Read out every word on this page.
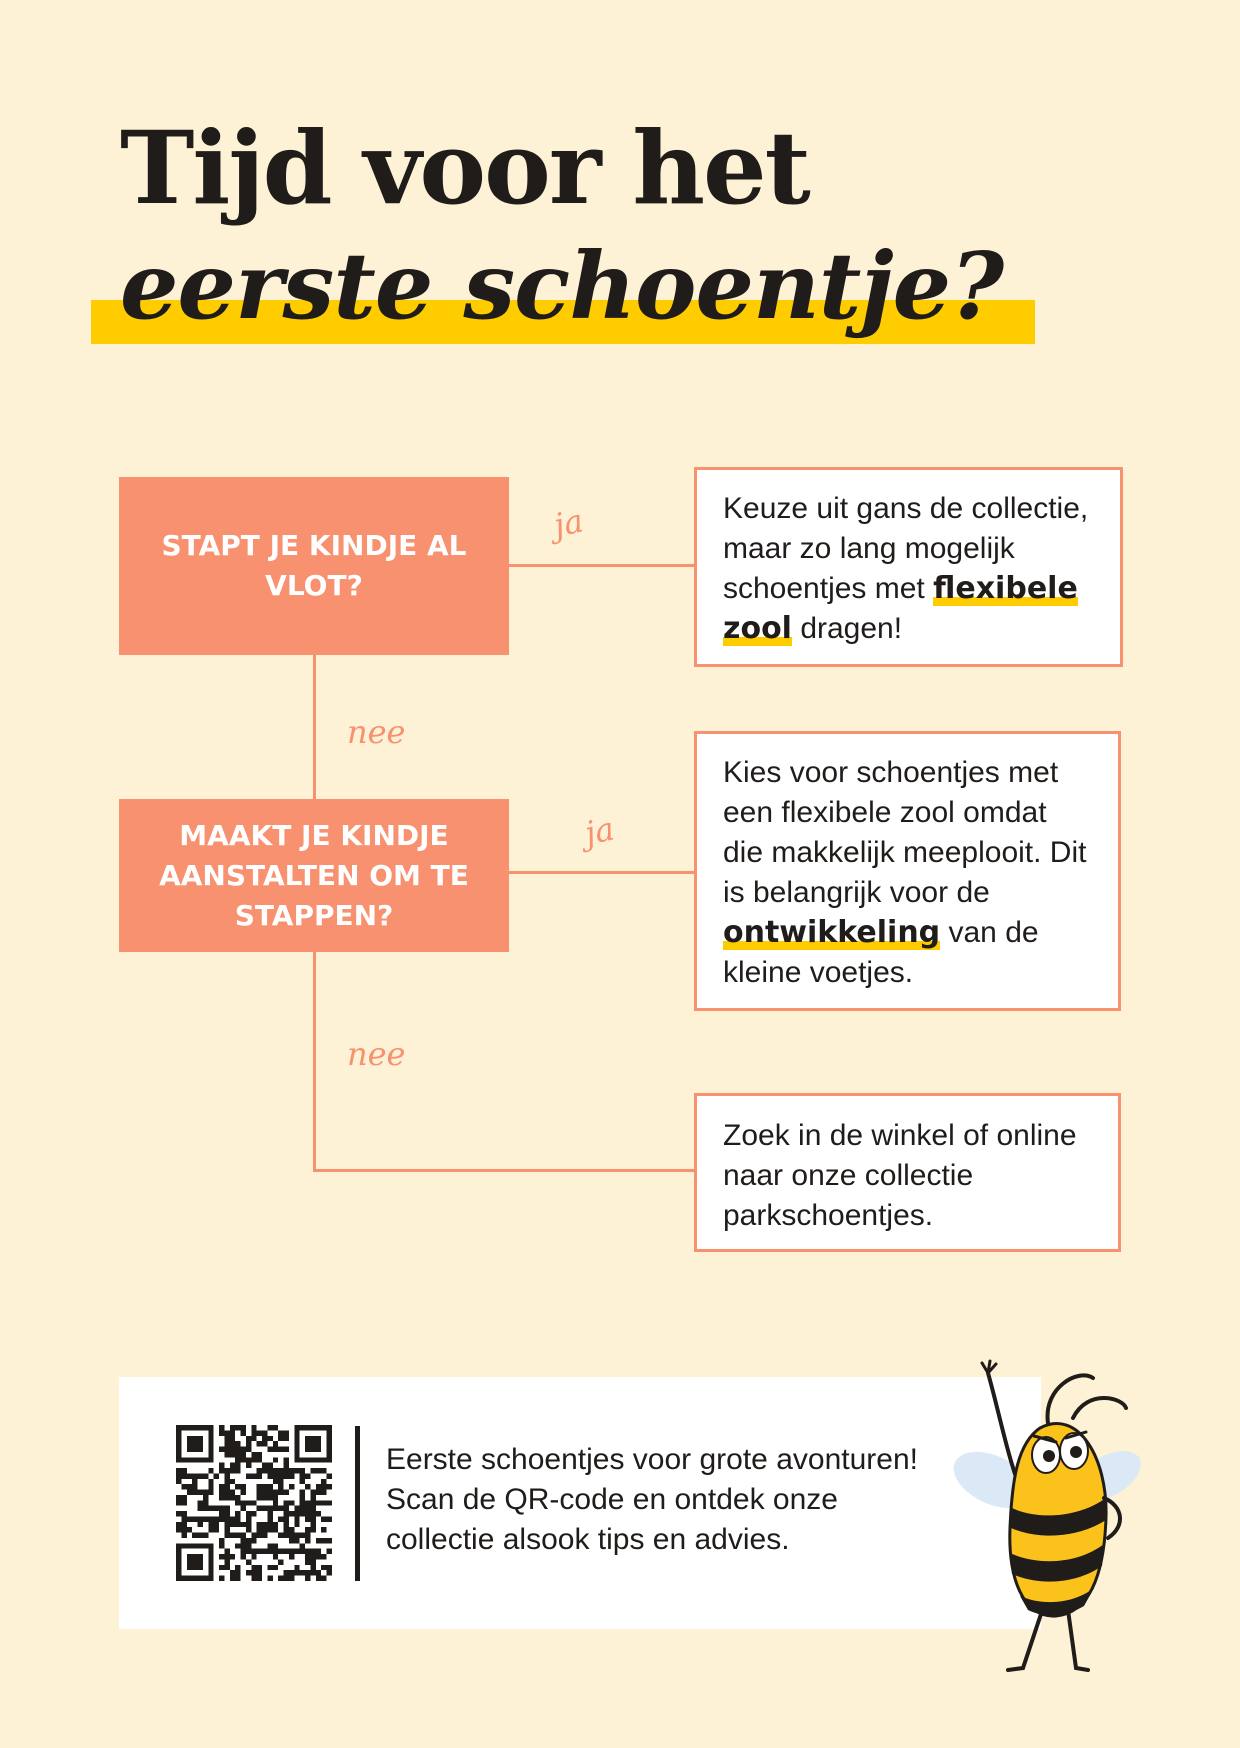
Tijd voor het
eerste schoentje?
ja
nee
ja
nee
STAPT JE KINDJE AL VLOT?
MAAKT JE KINDJE AANSTALTEN OM TE STAPPEN?
Keuze uit gans de collectie, maar zo lang mogelijk schoentjes met flexibele zool dragen!
Kies voor schoentjes met een flexibele zool omdat die makkelijk meeplooit. Dit is belangrijk voor de ontwikkeling van de kleine voetjes.
Zoek in de winkel of online naar onze collectie parkschoentjes.
Eerste schoentjes voor grote avonturen! Scan de QR-code en ontdek onze collectie alsook tips en advies.
